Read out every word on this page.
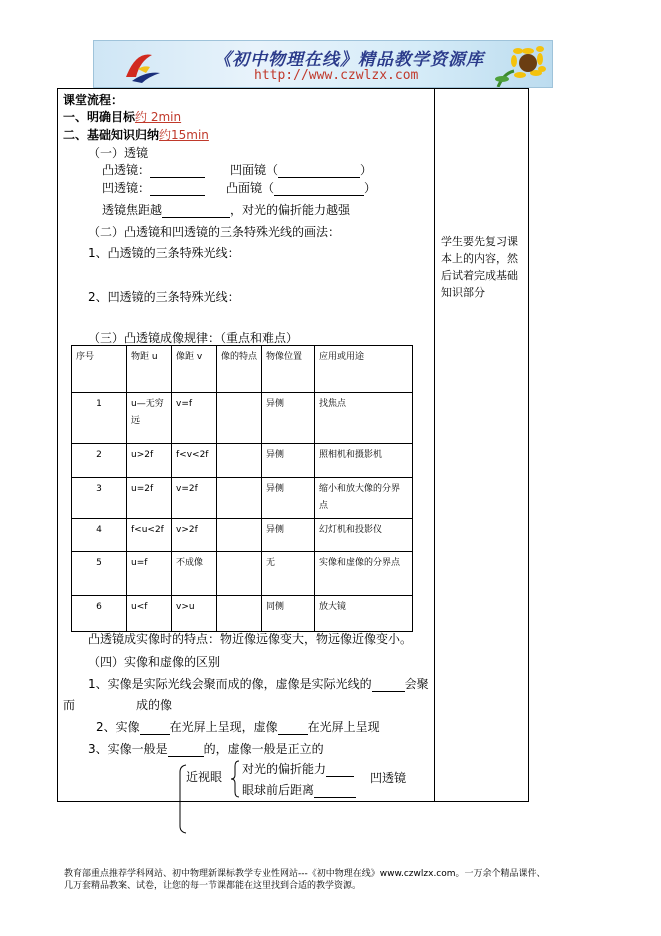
《初中物理在线》精品教学资源库
http://www.czwlzx.com
课堂流程：
一、明确目标约 2min
二、基础知识归纳约15min
（一）透镜
凸透镜：	凹面镜（	）
凹透镜：	凸面镜（	）
透镜焦距越	，对光的偏折能力越强
（二）凸透镜和凹透镜的三条特殊光线的画法：
1、凸透镜的三条特殊光线：
2、凹透镜的三条特殊光线：
（三）凸透镜成像规律：（重点和难点）
序号	物距 u	像距 v	像的特点	物像位置	应用或用途
1	u—无穷远	v=f		异侧	找焦点
2	u>2f	f<v<2f		异侧	照相机和摄影机
3	u=2f	v=2f		异侧	缩小和放大像的分界点
4	f<u<2f	v>2f		异侧	幻灯机和投影仪
5	u=f	不成像		无	实像和虚像的分界点
6	u<f	v>u		同侧	放大镜
凸透镜成实像时的特点：物近像远像变大，物远像近像变小。
（四）实像和虚像的区别
1、实像是实际光线会聚而成的像，虚像是实际光线的	会聚
而	成的像
2、实像	在光屏上呈现，虚像	在光屏上呈现
3、实像一般是	的，虚像一般是正立的
近视眼
对光的偏折能力
凹透镜
眼球前后距离
学生要先复习课本上的内容，然后试着完成基础知识部分
教育部重点推荐学科网站、初中物理新课标教学专业性网站---《初中物理在线》www.czwlzx.com。一万余个精品课件、
几万套精品教案、试卷，让您的每一节课都能在这里找到合适的教学资源。
